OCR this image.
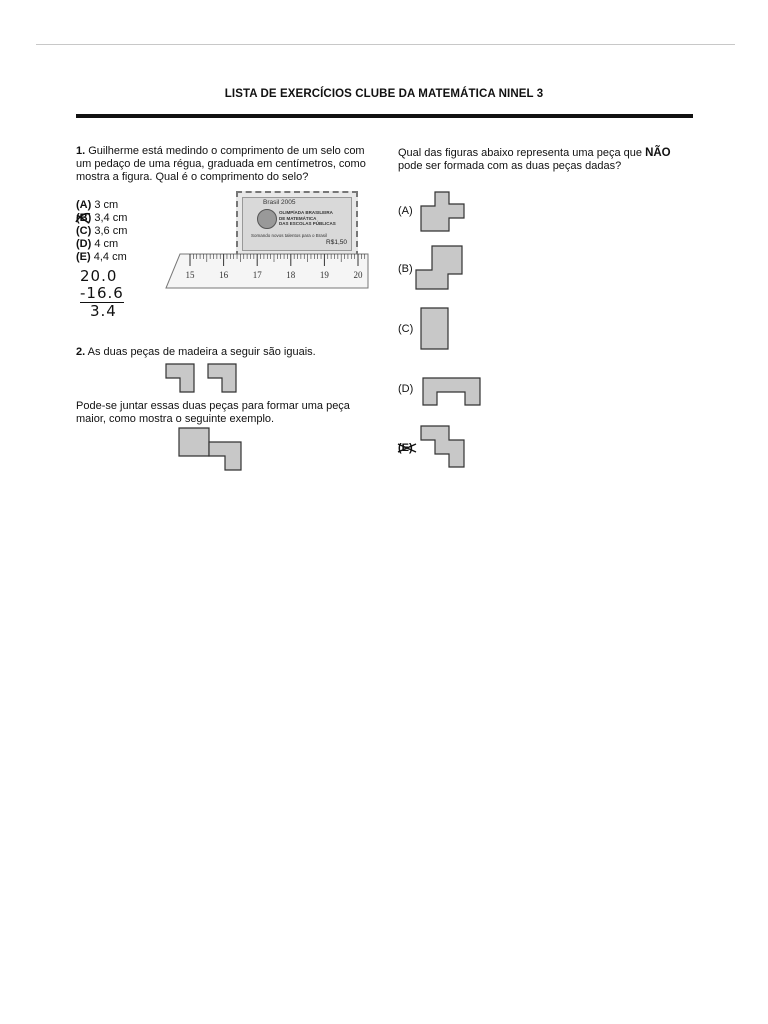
LISTA DE EXERCÍCIOS CLUBE DA MATEMÁTICA NINEL 3
1. Guilherme está medindo o comprimento de um selo com um pedaço de uma régua, graduada em centímetros, como mostra a figura. Qual é o comprimento do selo?
(A) 3 cm
(B) 3,4 cm
(C) 3,6 cm
(D) 4 cm
(E) 4,4 cm
20.0
-16.6
3.4
Brasil 2005
OLIMPÍADA BRASILEIRA
DE MATEMÁTICA
DAS ESCOLAS PÚBLICAS
Somando novos talentos para o Brasil
R$1,50
15	16	17	18	19	20
2. As duas peças de madeira a seguir são iguais.
Pode-se juntar essas duas peças para formar uma peça maior, como mostra o seguinte exemplo.
Qual das figuras abaixo representa uma peça que NÃO pode ser formada com as duas peças dadas?
(A)
(B)
(C)
(D)
(E)
